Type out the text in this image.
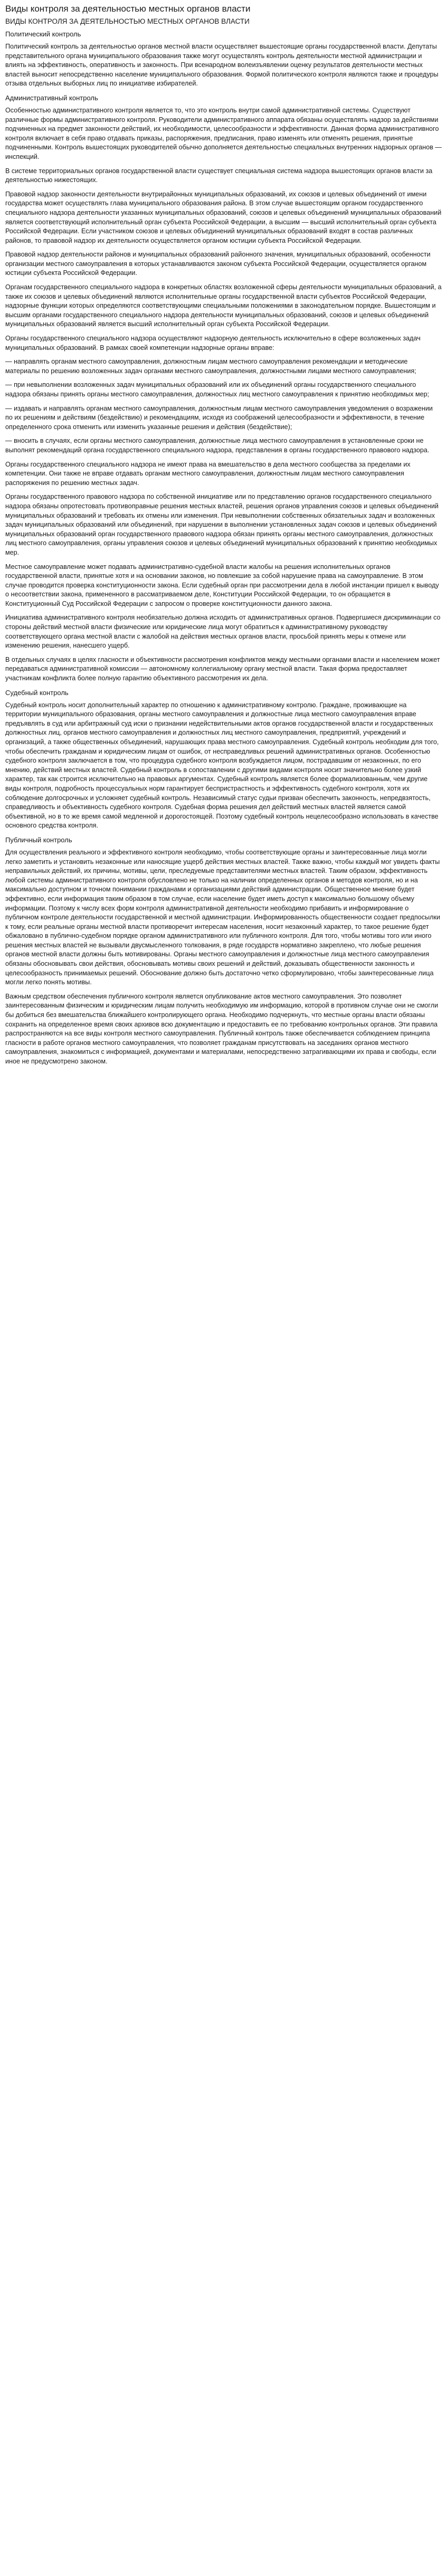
Виды контроля за деятельностью местных органов власти
ВИДЫ КОНТРОЛЯ ЗА ДЕЯТЕЛЬНОСТЬЮ МЕСТНЫХ ОРГАНОВ ВЛАСТИ
Политический контроль

Политический контроль за деятельностью органов местной власти осуществляет вышестоящие органы государственной власти. Депутаты представительного органа муниципального образования также могут осуществлять контроль деятельности местной администрации и влиять на эффективность, оперативность и законность. При всенародном волеизъявлении оценку результатов деятельности местных властей выносит непосредственно население муниципального образования. Формой политического контроля являются также и процедуры отзыва отдельных выборных лиц по инициативе избирателей.

Административный контроль

Особенностью административного контроля является то, что это контроль внутри самой административной системы. Существуют различные формы административного контроля. Руководители административного аппарата обязаны осуществлять надзор за действиями подчиненных на предмет законности действий, их необходимости, целесообразности и эффективности. Данная форма административного контроля включает в себя право отдавать приказы, распоряжения, предписания, право изменять или отменять решения, принятые подчиненными. Контроль вышестоящих руководителей обычно дополняется деятельностью специальных внутренних надзорных органов — инспекций.

В системе территориальных органов государственной власти существует специальная система надзора вышестоящих органов власти за деятельностью нижестоящих.

Правовой надзор законности деятельности внутрирайонных муниципальных образований, их союзов и целевых объединений от имени государства может осуществлять глава муниципального образования района. В этом случае вышестоящим органом государственного специального надзора деятельности указанных муниципальных образований, союзов и целевых объединений муниципальных образований является соответствующий исполнительный орган субъекта Российской Федерации, а высшим — высший исполнительный орган субъекта Российской Федерации. Если участником союзов и целевых объединений муниципальных образований входят в состав различных районов, то правовой надзор их деятельности осуществляется органом юстиции субъекта Российской Федерации.

Правовой надзор деятельности районов и муниципальных образований районного значения, муниципальных образований, особенности организации местного самоуправления в которых устанавливаются законом субъекта Российской Федерации, осуществляется органом юстиции субъекта Российской Федерации.

Органам государственного специального надзора в конкретных областях возложенной сферы деятельности муниципальных образований, а также их союзов и целевых объединений являются исполнительные органы государственной власти субъектов Российской Федерации, надзорные функции которых определяются соответствующими специальными положениями в законодательном порядке. Вышестоящим и высшим органами государственного специального надзора деятельности муниципальных образований, союзов и целевых объединений муниципальных образований является высший исполнительный орган субъекта Российской Федерации.

Органы государственного специального надзора осуществляют надзорную деятельность исключительно в сфере возложенных задач муниципальных образований. В рамках своей компетенции надзорные органы вправе:

— направлять органам местного самоуправления, должностным лицам местного самоуправления рекомендации и методические материалы по решению возложенных задач органами местного самоуправления, должностными лицами местного самоуправления;

— при невыполнении возложенных задач муниципальных образований или их объединений органы государственного специального надзора обязаны принять органы местного самоуправления, должностных лиц местного самоуправления к принятию необходимых мер;

— издавать и направлять органам местного самоуправления, должностным лицам местного самоуправления уведомления о возражении по их решениям и действиям (бездействию) и рекомендациям, исходя из соображений целесообразности и эффективности, в течение определенного срока отменить или изменить указанные решения и действия (бездействие);

— вносить в случаях, если органы местного самоуправления, должностные лица местного самоуправления в установленные сроки не выполнят рекомендаций органа государственного специального надзора, представления в органы государственного правового надзора.

Органы государственного специального надзора не имеют права на вмешательство в дела местного сообщества за пределами их компетенции. Они также не вправе отдавать органам местного самоуправления, должностным лицам местного самоуправления распоряжения по решению местных задач.

Органы государственного правового надзора по собственной инициативе или по представлению органов государственного специального надзора обязаны опротестовать противоправные решения местных властей, решения органов управления союзов и целевых объединений муниципальных образований и требовать их отмены или изменения. При невыполнении собственных обязательных задач и возложенных задач муниципальных образований или объединений, при нарушении в выполнении установленных задач союзов и целевых объединений муниципальных образований орган государственного правового надзора обязан принять органы местного самоуправления, должностных лиц местного самоуправления, органы управления союзов и целевых объединений муниципальных образований к принятию необходимых мер.

Местное самоуправление может подавать административно-судебной власти жалобы на решения исполнительных органов государственной власти, принятые хотя и на основании законов, но повлекшие за собой нарушение права на самоуправление. В этом случае проводится проверка конституционности закона. Если судебный орган при рассмотрении дела в любой инстанции пришел к выводу о несоответствии закона, примененного в рассматриваемом деле, Конституции Российской Федерации, то он обращается в Конституционный Суд Российской Федерации с запросом о проверке конституционности данного закона.

Инициатива административного контроля необязательно должна исходить от административных органов. Подвергшиеся дискриминации со стороны действий местной власти физические или юридические лица могут обратиться к административному руководству соответствующего органа местной власти с жалобой на действия местных органов власти, просьбой принять меры к отмене или изменению решения, нанесшего ущерб.

В отдельных случаях в целях гласности и объективности рассмотрения конфликтов между местными органами власти и населением может передаваться административной комиссии — автономному коллегиальному органу местной власти. Такая форма предоставляет участникам конфликта более полную гарантию объективного рассмотрения их дела.

Судебный контроль

Судебный контроль носит дополнительный характер по отношению к административному контролю. Граждане, проживающие на территории муниципального образования, органы местного самоуправления и должностные лица местного самоуправления вправе предъявлять в суд или арбитражный суд иски о признании недействительными актов органов государственной власти и государственных должностных лиц, органов местного самоуправления и должностных лиц местного самоуправления, предприятий, учреждений и организаций, а также общественных объединений, нарушающих права местного самоуправления. Судебный контроль необходим для того, чтобы обеспечить гражданам и юридическим лицам от ошибок, от несправедливых решений административных органов. Особенностью судебного контроля заключается в том, что процедура судебного контроля возбуждается лицом, пострадавшим от незаконных, по его мнению, действий местных властей. Судебный контроль в сопоставлении с другими видами контроля носит значительно более узкий характер, так как строится исключительно на правовых аргументах. Судебный контроль является более формализованным, чем другие виды контроля, подробность процессуальных норм гарантирует беспристрастность и эффективность судебного контроля, хотя их соблюдение долгосрочных и усложняет судебный контроль. Независимый статус судьи призван обеспечить законность, непредвзятость, справедливость и объективность судебного контроля. Судебная форма решения дел действий местных властей является самой объективной, но в то же время самой медленной и дорогостоящей. Поэтому судебный контроль нецелесообразно использовать в качестве основного средства контроля.

Публичный контроль

Для осуществления реального и эффективного контроля необходимо, чтобы соответствующие органы и заинтересованные лица могли легко заметить и установить незаконные или наносящие ущерб действия местных властей. Также важно, чтобы каждый мог увидеть факты неправильных действий, их причины, мотивы, цели, преследуемые представителями местных властей. Таким образом, эффективность любой системы административного контроля обусловлено не только на наличии определенных органов и методов контроля, но и на максимально доступном и точном понимании гражданами и организациями действий администрации. Общественное мнение будет эффективно, если информация таким образом в том случае, если население будет иметь доступ к максимально большому объему информации. Поэтому к числу всех форм контроля административной деятельности необходимо прибавить и информирование о публичном контроле деятельности государственной и местной администрации. Информированность общественности создает предпосылки к тому, если реальные органы местной власти противоречит интересам населения, носит незаконный характер, то такое решение будет обжаловано в публично-судебном порядке органом административного или публичного контроля. Для того, чтобы мотивы того или иного решения местных властей не вызывали двусмысленного толкования, в ряде государств нормативно закреплено, что любые решения органов местной власти должны быть мотивированы. Органы местного самоуправления и должностные лица местного самоуправления обязаны обосновывать свои действия, обосновывать мотивы своих решений и действий, доказывать общественности законность и целесообразность принимаемых решений. Обоснование должно быть достаточно четко сформулировано, чтобы заинтересованные лица могли легко понять мотивы.

Важным средством обеспечения публичного контроля является опубликование актов местного самоуправления. Это позволяет заинтересованным физическим и юридическим лицам получить необходимую им информацию, которой в противном случае они не смогли бы добиться без вмешательства ближайшего контролирующего органа. Необходимо подчеркнуть, что местные органы власти обязаны сохранить на определенное время своих архивов всю документацию и предоставить ее по требованию контрольных органов. Эти правила распространяются на все виды контроля местного самоуправления. Публичный контроль также обеспечивается соблюдением принципа гласности в работе органов местного самоуправления, что позволяет гражданам присутствовать на заседаниях органов местного самоуправления, знакомиться с информацией, документами и материалами, непосредственно затрагивающими их права и свободы, если иное не предусмотрено законом.
